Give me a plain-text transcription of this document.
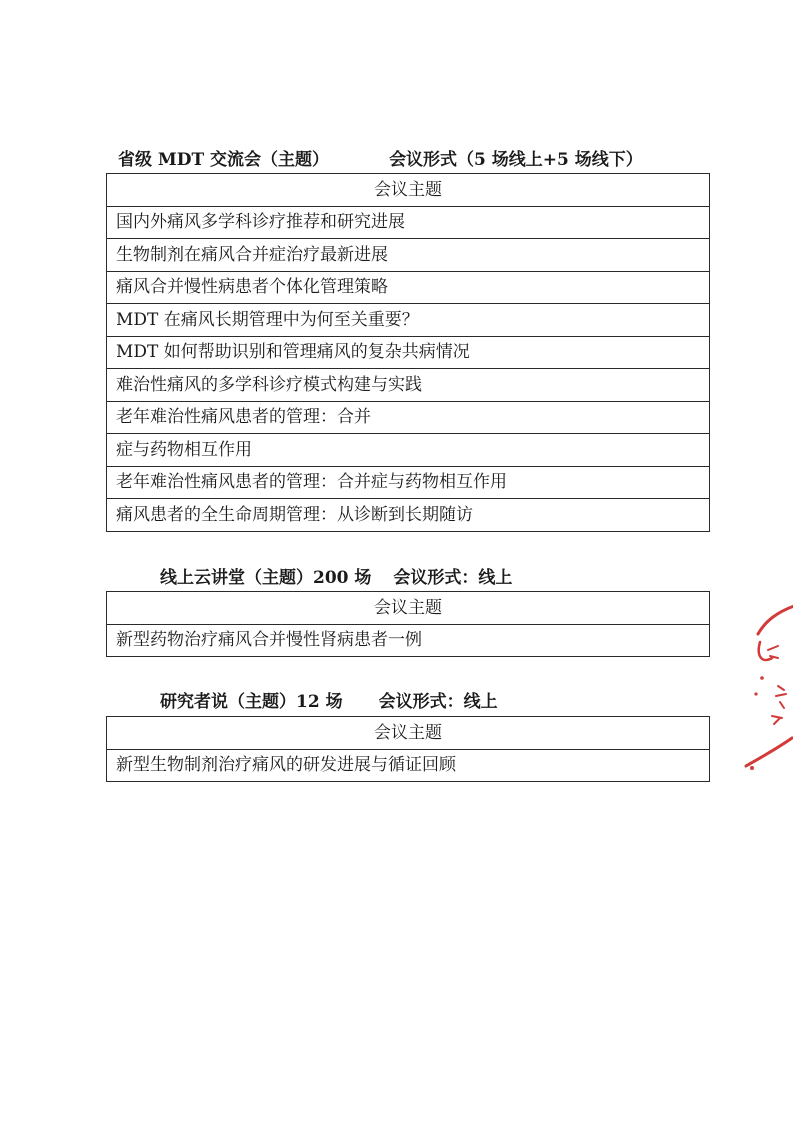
省级 MDT 交流会（主题）	会议形式（5 场线上+5 场线下）
会议主题
国内外痛风多学科诊疗推荐和研究进展
生物制剂在痛风合并症治疗最新进展
痛风合并慢性病患者个体化管理策略
MDT 在痛风长期管理中为何至关重要？
MDT 如何帮助识别和管理痛风的复杂共病情况
难治性痛风的多学科诊疗模式构建与实践
老年难治性痛风患者的管理：合并
症与药物相互作用
老年难治性痛风患者的管理：合并症与药物相互作用
痛风患者的全生命周期管理：从诊断到长期随访
线上云讲堂（主题）200 场 会议形式：线上
会议主题
新型药物治疗痛风合并慢性肾病患者一例
研究者说（主题）12 场 会议形式：线上
会议主题
新型生物制剂治疗痛风的研发进展与循证回顾
